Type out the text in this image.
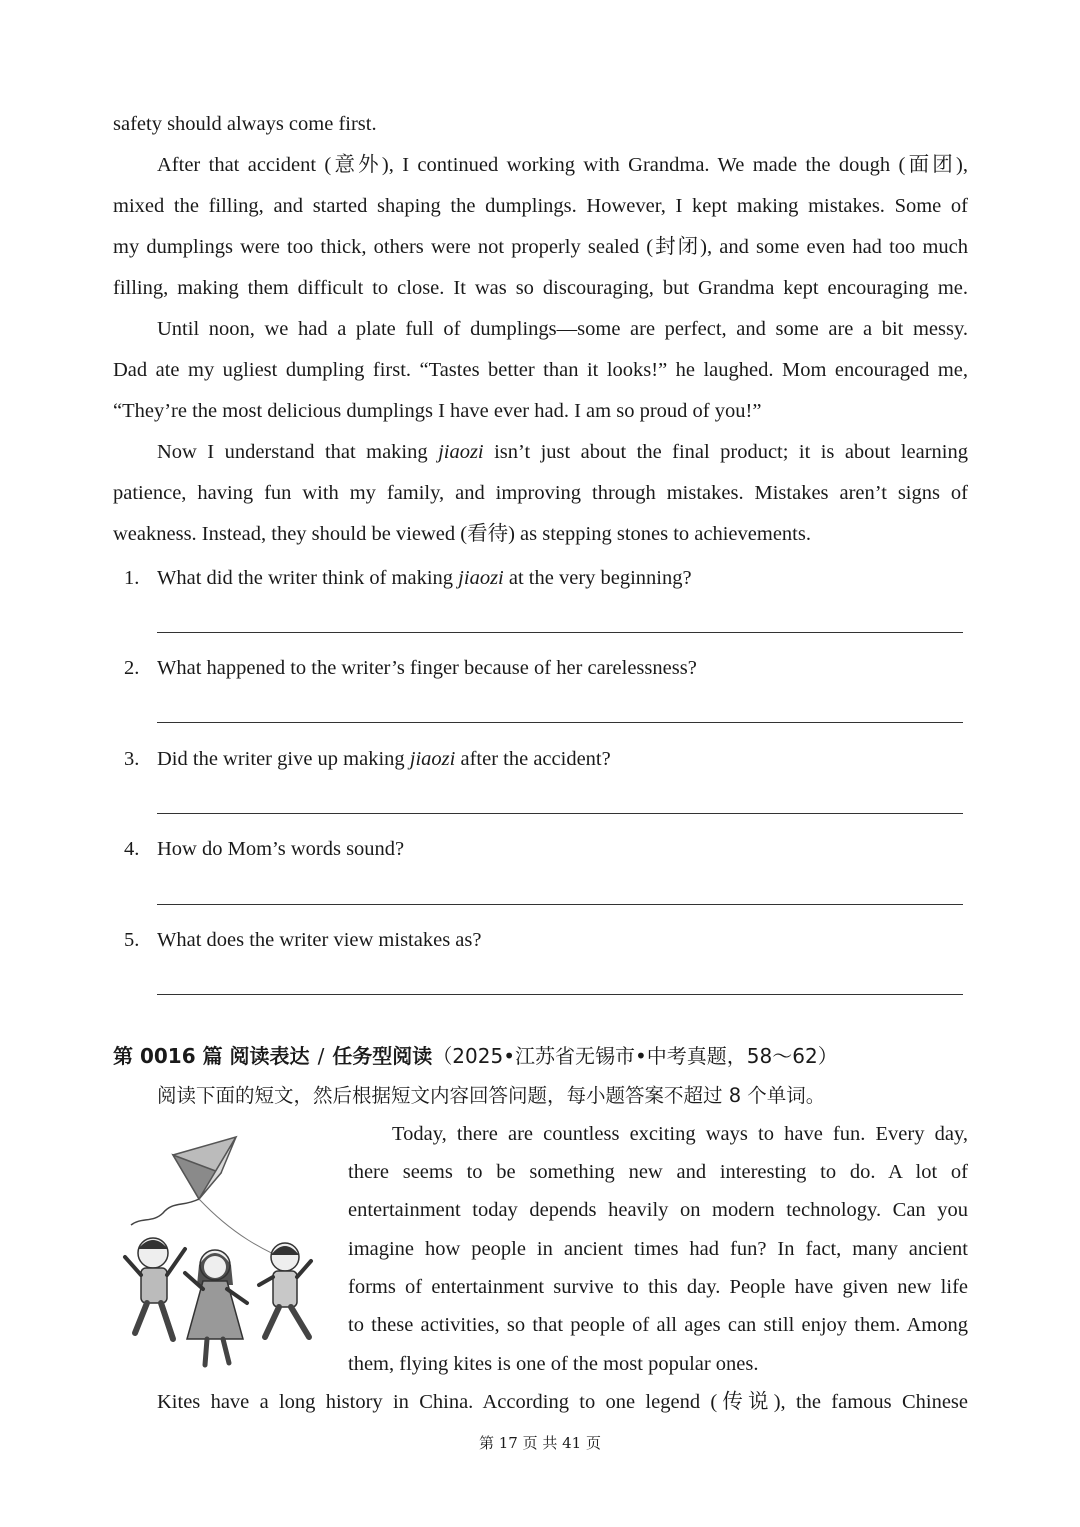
safety should always come first.
After that accident (意外), I continued working with Grandma. We made the dough (面团),
mixed the filling, and started shaping the dumplings. However, I kept making mistakes. Some of
my dumplings were too thick, others were not properly sealed (封闭), and some even had too much
filling, making them difficult to close. It was so discouraging, but Grandma kept encouraging me.
Until noon, we had a plate full of dumplings—some are perfect, and some are a bit messy.
Dad ate my ugliest dumpling first. “Tastes better than it looks!” he laughed. Mom encouraged me,
“They’re the most delicious dumplings I have ever had. I am so proud of you!”
Now I understand that making jiaozi isn’t just about the final product; it is about learning
patience, having fun with my family, and improving through mistakes. Mistakes aren’t signs of
weakness. Instead, they should be viewed (看待) as stepping stones to achievements.
1. What did the writer think of making jiaozi at the very beginning?
2. What happened to the writer’s finger because of her carelessness?
3. Did the writer give up making jiaozi after the accident?
4. How do Mom’s words sound?
5. What does the writer view mistakes as?
第 0016 篇 阅读表达 / 任务型阅读（2025•江苏省无锡市•中考真题，58～62）
阅读下面的短文，然后根据短文内容回答问题，每小题答案不超过 8 个单词。
Today, there are countless exciting ways to have fun. Every day,
there seems to be something new and interesting to do. A lot of
entertainment today depends heavily on modern technology. Can you
imagine how people in ancient times had fun? In fact, many ancient
forms of entertainment survive to this day. People have given new life
to these activities, so that people of all ages can still enjoy them. Among
them, flying kites is one of the most popular ones.
Kites have a long history in China. According to one legend (传说), the famous Chinese
第 17 页 共 41 页
